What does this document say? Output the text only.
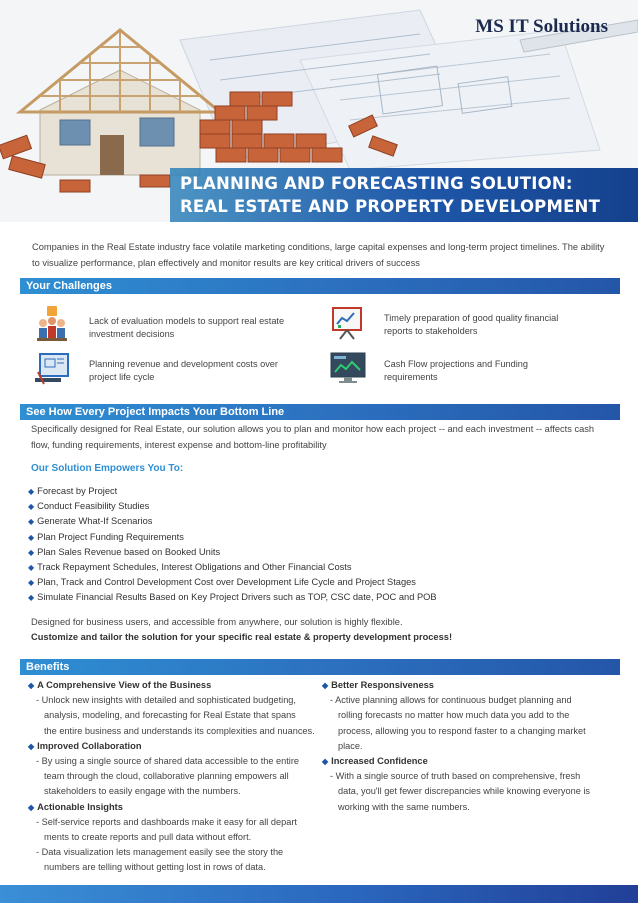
MS IT Solutions
PLANNING AND FORECASTING SOLUTION:
REAL ESTATE AND PROPERTY DEVELOPMENT
Companies in the Real Estate industry face volatile marketing conditions, large capital expenses and long-term project timelines. The ability to visualize performance, plan effectively and monitor results are key critical drivers of success
Your Challenges
Lack of evaluation models to support real estate investment decisions
Timely preparation of good quality financial reports to stakeholders
Planning revenue and development costs over project life cycle
Cash Flow projections and Funding requirements
See How Every Project Impacts Your Bottom Line
Specifically designed for Real Estate, our solution allows you to plan and monitor how each project -- and each investment -- affects cash flow, funding requirements, interest expense and bottom-line profitability
Our Solution Empowers You To:
◆ Forecast by Project
◆ Conduct Feasibility Studies
◆ Generate What-If Scenarios
◆ Plan Project Funding Requirements
◆ Plan Sales Revenue based on Booked Units
◆ Track Repayment Schedules, Interest Obligations and Other Financial Costs
◆ Plan, Track and Control Development Cost over Development Life Cycle and Project Stages
◆ Simulate Financial Results Based on Key Project Drivers such as TOP, CSC date, POC and POB
Designed for business users, and accessible from anywhere, our solution is highly flexible.
Customize and tailor the solution for your specific real estate & property development process!
Benefits
◆ A Comprehensive View of the Business
- Unlock new insights with detailed and sophisticated budgeting,
analysis, modeling, and forecasting for Real Estate that spans
the entire business and understands its complexities and nuances.
◆ Improved Collaboration
- By using a single source of shared data accessible to the entire
team through the cloud, collaborative planning empowers all
stakeholders to easily engage with the numbers.
◆ Actionable Insights
- Self-service reports and dashboards make it easy for all depart
ments to create reports and pull data without effort.
- Data visualization lets management easily see the story the
numbers are telling without getting lost in rows of data.
◆ Better Responsiveness
- Active planning allows for continuous budget planning and
rolling forecasts no matter how much data you add to the
process, allowing you to respond faster to a changing market
place.
◆ Increased Confidence
- With a single source of truth based on comprehensive, fresh
data, you'll get fewer discrepancies while knowing everyone is
working with the same numbers.
